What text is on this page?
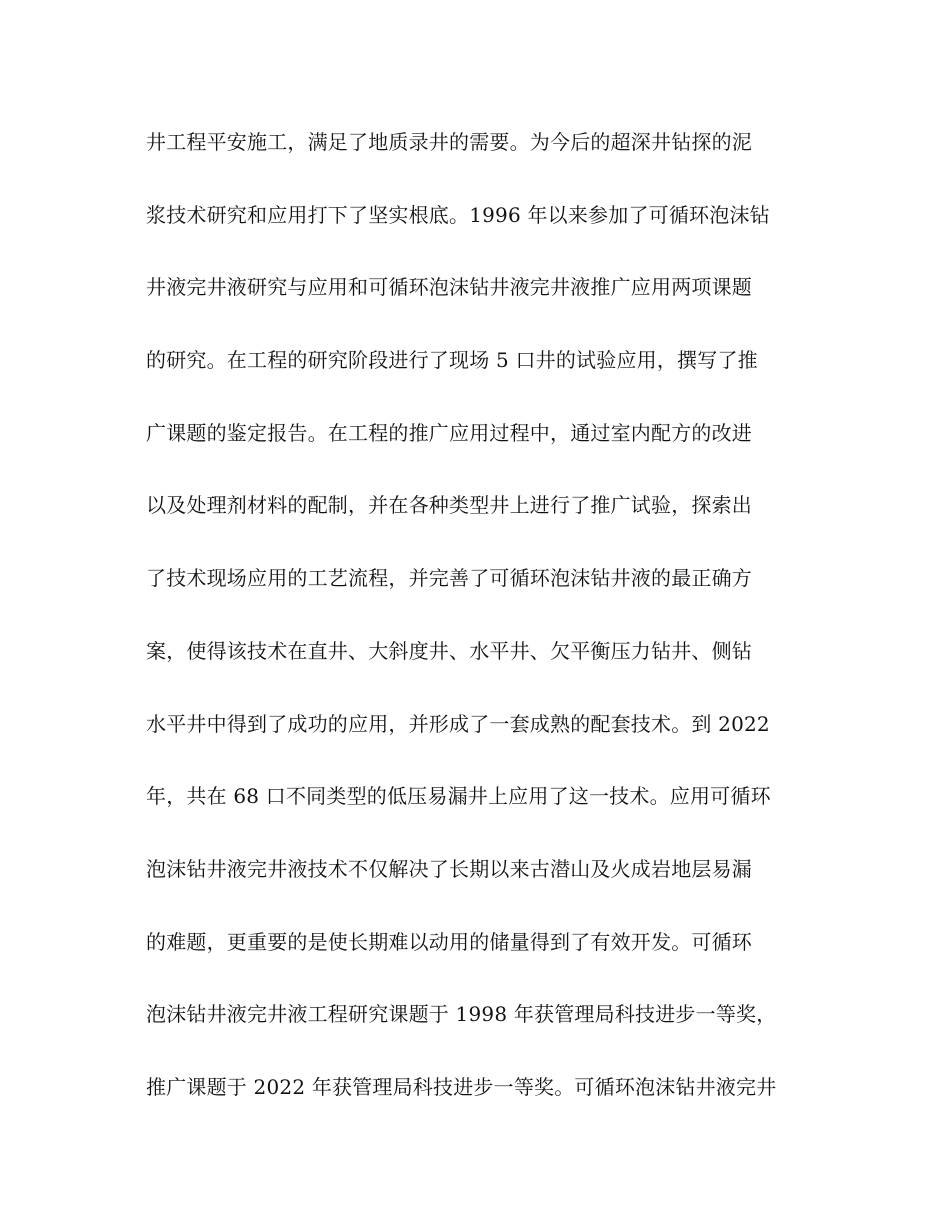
井工程平安施工，满足了地质录井的需要。为今后的超深井钻探的泥
浆技术研究和应用打下了坚实根底。1996 年以来参加了可循环泡沫钻
井液完井液研究与应用和可循环泡沫钻井液完井液推广应用两项课题
的研究。在工程的研究阶段进行了现场 5 口井的试验应用，撰写了推
广课题的鉴定报告。在工程的推广应用过程中，通过室内配方的改进
以及处理剂材料的配制，并在各种类型井上进行了推广试验，探索出
了技术现场应用的工艺流程，并完善了可循环泡沫钻井液的最正确方
案，使得该技术在直井、大斜度井、水平井、欠平衡压力钻井、侧钻
水平井中得到了成功的应用，并形成了一套成熟的配套技术。到 2022
年，共在 68 口不同类型的低压易漏井上应用了这一技术。应用可循环
泡沫钻井液完井液技术不仅解决了长期以来古潜山及火成岩地层易漏
的难题，更重要的是使长期难以动用的储量得到了有效开发。可循环
泡沫钻井液完井液工程研究课题于 1998 年获管理局科技进步一等奖，
推广课题于 2022 年获管理局科技进步一等奖。可循环泡沫钻井液完井
